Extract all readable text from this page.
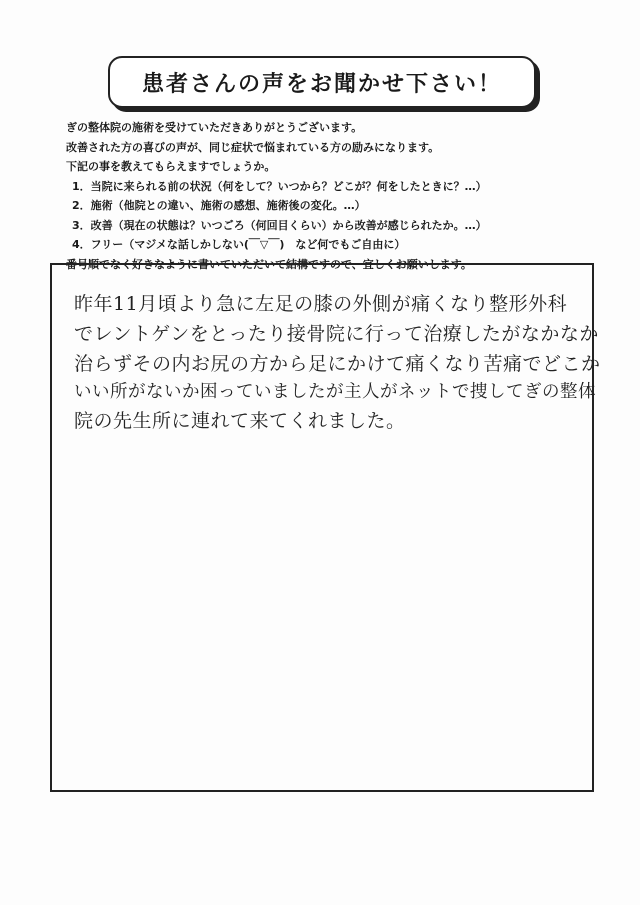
患者さんの声をお聞かせ下さい！
ぎの整体院の施術を受けていただきありがとうございます。
改善された方の喜びの声が、同じ症状で悩まれている方の励みになります。
下記の事を教えてもらえますでしょうか。
1．当院に来られる前の状況（何をして？いつから？どこが？何をしたときに？…）
2．施術（他院との違い、施術の感想、施術後の変化。…）
3．改善（現在の状態は？いつごろ（何回目くらい）から改善が感じられたか。…）
4．フリー（マジメな話しかしない(￣▽￣)　など何でもご自由に）
番号順でなく好きなように書いていただいて結構ですので、宜しくお願いします。
昨年11月頃より急に左足の膝の外側が痛くなり整形外科
でレントゲンをとったり接骨院に行って治療したがなかなか
治らずその内お尻の方から足にかけて痛くなり苦痛でどこか
いい所がないか困っていましたが主人がネットで捜してぎの整体
院の先生所に連れて来てくれました。
